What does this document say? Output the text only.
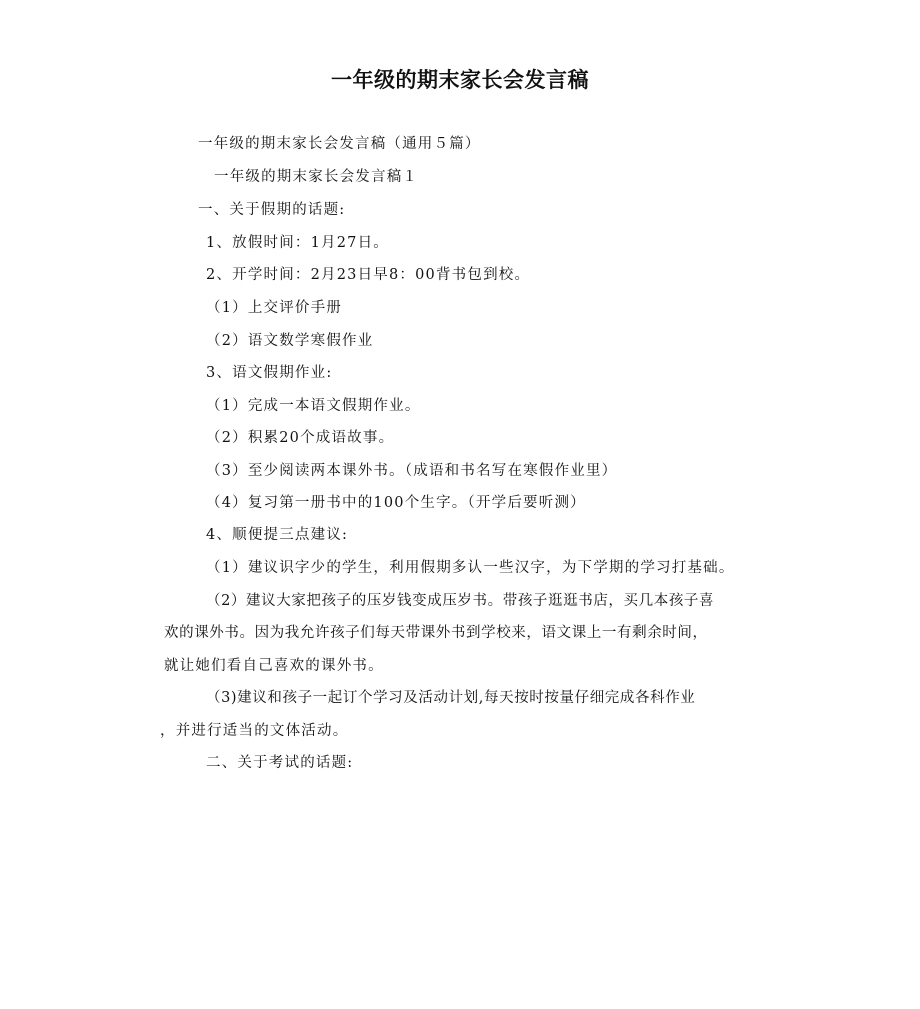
一年级的期末家长会发言稿

一年级的期末家长会发言稿（通用５篇）

一年级的期末家长会发言稿１

一、关于假期的话题:

1、放假时间：1月27日。

2、开学时间：2月23日早8：00背书包到校。

（1）上交评价手册

（2）语文数学寒假作业

3、语文假期作业:

（1）完成一本语文假期作业。

（2）积累20个成语故事。

（3）至少阅读两本课外书。（成语和书名写在寒假作业里）

（4）复习第一册书中的100个生字。（开学后要听测）

4、顺便提三点建议:

（1）建议识字少的学生，利用假期多认一些汉字，为下学期的学习打基础。

（2）建议大家把孩子的压岁钱变成压岁书。带孩子逛逛书店，买几本孩子喜

欢的课外书。因为我允许孩子们每天带课外书到学校来，语文课上一有剩余时间，

就让她们看自己喜欢的课外书。

（3)建议和孩子一起订个学习及活动计划,每天按时按量仔细完成各科作业

，并进行适当的文体活动。

二、关于考试的话题:
